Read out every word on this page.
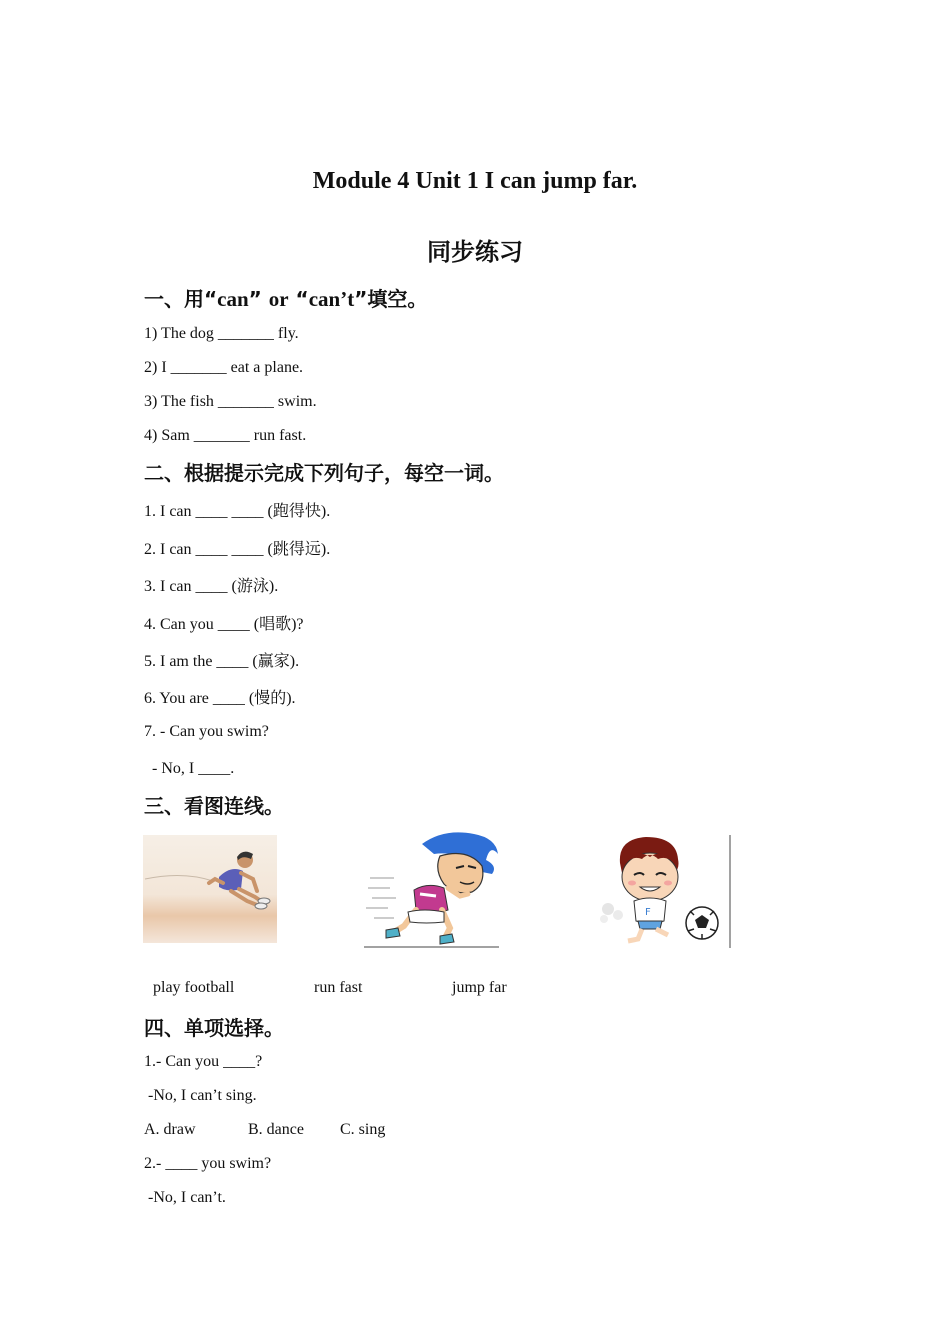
Module 4 Unit 1 I can jump far.
同步练习
一、用“can” or “can’t”填空。
1) The dog _______ fly.
2) I _______ eat a plane.
3) The fish _______ swim.
4) Sam _______ run fast.
二、根据提示完成下列句子，每空一词。
1. I can ____ ____ (跑得快).
2. I can ____ ____ (跳得远).
3. I can ____ (游泳).
4. Can you ____ (唱歌)?
5. I am the ____ (赢家).
6. You are ____ (慢的).
7. - Can you swim?
- No, I ____.
三、看图连线。
F
play football	run fast	jump far
四、单项选择。
1.- Can you ____?
-No, I can’t sing.
A. draw	B. dance C. sing
2.- ____ you swim?
-No, I can’t.
